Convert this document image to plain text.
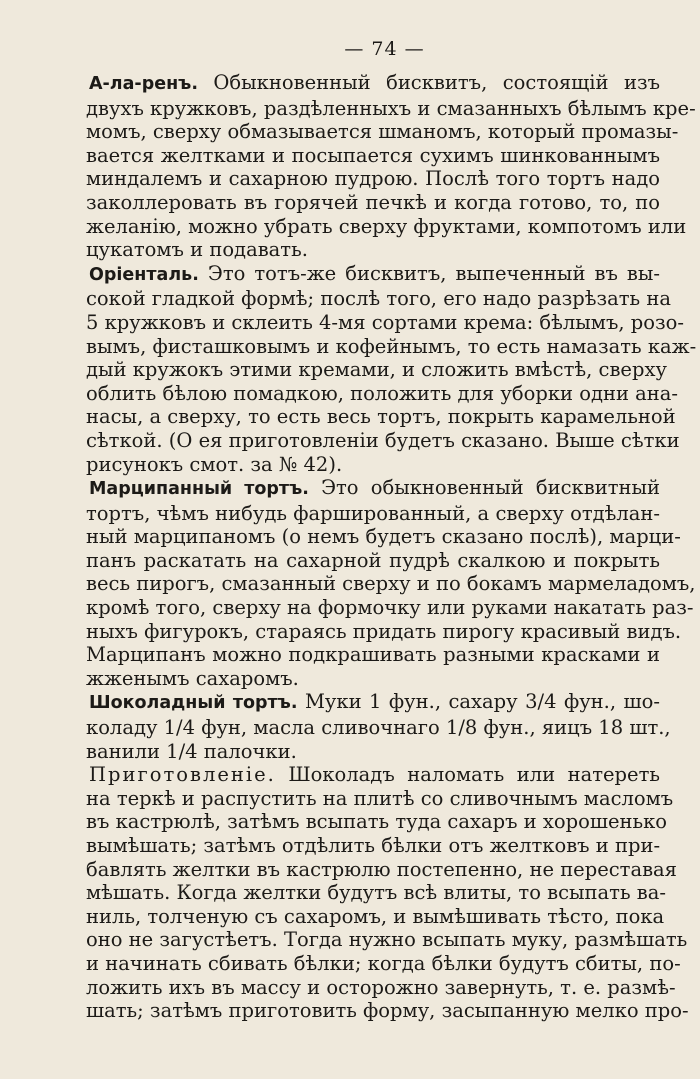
— 74 —
А-ла-ренъ. Обыкновенный бисквитъ, состоящій изъ
двухъ кружковъ, раздѣленныхъ и смазанныхъ бѣлымъ кре-
момъ, сверху обмазывается шманомъ, который промазы-
вается желтками и посыпается сухимъ шинкованнымъ
миндалемъ и сахарною пудрою. Послѣ того тортъ надо
заколлеровать въ горячей печкѣ и когда готово, то, по
желанію, можно убрать сверху фруктами, компотомъ или
цукатомъ и подавать.
Оріенталь. Это тотъ-же бисквитъ, выпеченный въ вы-
сокой гладкой формѣ; послѣ того, его надо разрѣзать на
5 кружковъ и склеить 4-мя сортами крема: бѣлымъ, розо-
вымъ, фисташковымъ и кофейнымъ, то есть намазать каж-
дый кружокъ этими кремами, и сложить вмѣстѣ, сверху
облить бѣлою помадкою, положить для уборки одни ана-
насы, а сверху, то есть весь тортъ, покрыть карамельной
сѣткой. (О ея приготовленіи будетъ сказано. Выше сѣтки
рисунокъ смот. за № 42).
Марципанный тортъ. Это обыкновенный бисквитный
тортъ, чѣмъ нибудь фаршированный, а сверху отдѣлан-
ный марципаномъ (о немъ будетъ сказано послѣ), марци-
панъ раскатать на сахарной пудрѣ скалкою и покрыть
весь пирогъ, смазанный сверху и по бокамъ мармеладомъ,
кромѣ того, сверху на формочку или руками накатать раз-
ныхъ фигурокъ, стараясь придать пирогу красивый видъ.
Марципанъ можно подкрашивать разными красками и
жженымъ сахаромъ.
Шоколадный тортъ. Муки 1 фун., сахару 3/4 фун., шо-
коладу 1/4 фун, масла сливочнаго 1/8 фун., яицъ 18 шт.,
ванили 1/4 палочки.
Приготовленіе. Шоколадъ наломать или натереть
на теркѣ и распустить на плитѣ со сливочнымъ масломъ
въ кастрюлѣ, затѣмъ всыпать туда сахаръ и хорошенько
вымѣшать; затѣмъ отдѣлить бѣлки отъ желтковъ и при-
бавлять желтки въ кастрюлю постепенно, не переставая
мѣшать. Когда желтки будутъ всѣ влиты, то всыпать ва-
ниль, толченую съ сахаромъ, и вымѣшивать тѣсто, пока
оно не загустѣетъ. Тогда нужно всыпать муку, размѣшать
и начинать сбивать бѣлки; когда бѣлки будутъ сбиты, по-
ложить ихъ въ массу и осторожно завернуть, т. е. размѣ-
шать; затѣмъ приготовить форму, засыпанную мелко про-
